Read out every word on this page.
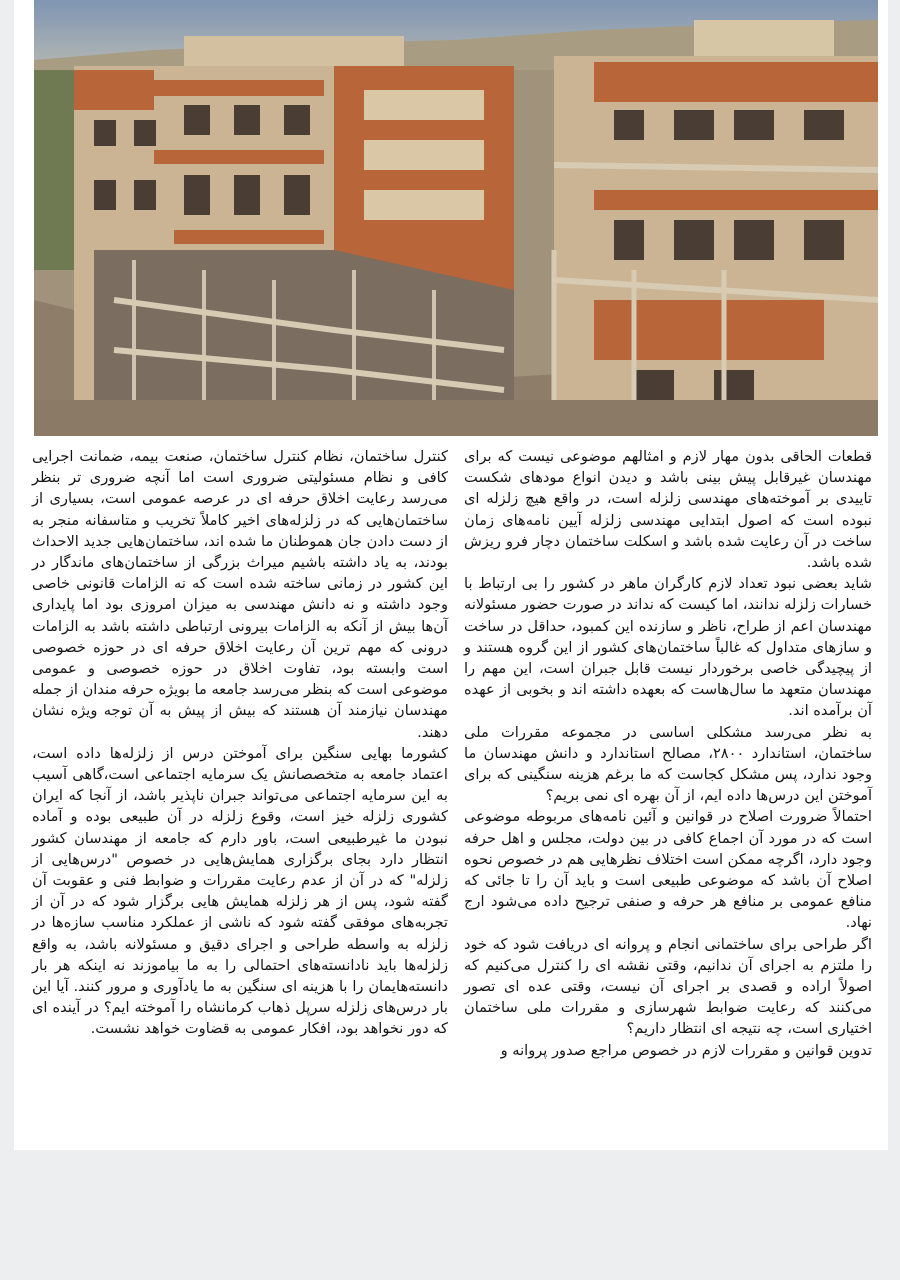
قطعات الحاقی بدون مهار لازم و امثالهم موضوعی نیست که برای مهندسان غیرقابل پیش بینی باشد و دیدن انواع مودهای شکست تاییدی بر آموخته‌های مهندسی زلزله است، در واقع هیچ زلزله ای نبوده است که اصول ابتدایی مهندسی زلزله آیین نامه‌های زمان ساخت در آن رعایت شده باشد و اسکلت ساختمان دچار فرو ریزش شده باشد.

شاید بعضی نبود تعداد لازم کارگران ماهر در کشور را بی ارتباط با خسارات زلزله ندانند، اما کیست که نداند در صورت حضور مسئولانه مهندسان اعم از طراح، ناظر و سازنده این کمبود، حداقل در ساخت و سازهای متداول که غالباً ساختمان‌های کشور از این گروه هستند و از پیچیدگی خاصی برخوردار نیست قابل جبران است، این مهم را مهندسان متعهد ما سال‌هاست که بعهده داشته اند و بخوبی از عهده آن برآمده اند.

به نظر می‌رسد مشکلی اساسی در مجموعه مقررات ملی ساختمان، استاندارد ۲۸۰۰، مصالح استاندارد و دانش مهندسان ما وجود ندارد، پس مشکل کجاست که ما برغم هزینه سنگینی که برای آموختن این درس‌ها داده ایم، از آن بهره ای نمی بریم؟

احتمالاً ضرورت اصلاح در قوانین و آئین نامه‌های مربوطه موضوعی است که در مورد آن اجماع کافی در بین دولت، مجلس و اهل حرفه وجود دارد، اگرچه ممکن است اختلاف نظرهایی هم در خصوص نحوه اصلاح آن باشد که موضوعی طبیعی است و باید آن را تا جائی که منافع عمومی بر منافع هر حرفه و صنفی ترجیح داده می‌شود ارج نهاد.

اگر طراحی برای ساختمانی انجام و پروانه ای دریافت شود که خود را ملتزم به اجرای آن ندانیم، وقتی نقشه ای را کنترل می‌کنیم که اصولاً اراده و قصدی بر اجرای آن نیست، وقتی عده ای تصور می‌کنند که رعایت ضوابط شهرسازی و مقررات ملی ساختمان اختیاری است، چه نتیجه ای انتظار داریم؟

تدوین قوانین و مقررات لازم در خصوص مراجع صدور پروانه و

کنترل ساختمان، نظام کنترل ساختمان، صنعت بیمه، ضمانت اجرایی کافی و نظام مسئولیتی ضروری است اما آنچه ضروری تر بنظر می‌رسد رعایت اخلاق حرفه ای در عرصه عمومی است، بسیاری از ساختمان‌هایی که در زلزله‌های اخیر کاملاً تخریب و متاسفانه منجر به از دست دادن جان هموطنان ما شده اند، ساختمان‌هایی جدید الاحداث بودند، به یاد داشته باشیم میراث بزرگی از ساختمان‌های ماندگار در این کشور در زمانی ساخته شده است که نه الزامات قانونی خاصی وجود داشته و نه دانش مهندسی به میزان امروزی بود اما پایداری آن‌ها بیش از آنکه به الزامات بیرونی ارتباطی داشته باشد به الزامات درونی که مهم ترین آن رعایت اخلاق حرفه ای در حوزه خصوصی است وابسته بود، تفاوت اخلاق در حوزه خصوصی و عمومی موضوعی است که بنظر می‌رسد جامعه ما بویژه حرفه مندان از جمله مهندسان نیازمند آن هستند که بیش از پیش به آن توجه ویژه نشان دهند.

کشورما بهایی سنگین برای آموختن درس از زلزله‌ها داده است، اعتماد جامعه به متخصصانش یک سرمایه اجتماعی است،گاهی آسیب به این سرمایه اجتماعی می‌تواند جبران ناپذیر باشد، از آنجا که ایران کشوری زلزله خیز است، وقوع زلزله در آن طبیعی بوده و آماده نبودن ما غیرطبیعی است، باور دارم که جامعه از مهندسان کشور انتظار دارد بجای برگزاری همایش‌هایی در خصوص "درس‌هایی از زلزله" که در آن از عدم رعایت مقررات و ضوابط فنی و عقوبت آن گفته شود، پس از هر زلزله همایش هایی برگزار شود که در آن از تجربه‌های موفقی گفته شود که ناشی از عملکرد مناسب سازه‌ها در زلزله به واسطه طراحی و اجرای دقیق و مسئولانه باشد، به واقع زلزله‌ها باید نادانسته‌های احتمالی را به ما بیاموزند نه اینکه هر بار دانسته‌هایمان را با هزینه ای سنگین به ما یادآوری و مرور کنند. آیا این بار درس‌های زلزله سرپل ذهاب کرمانشاه را آموخته ایم؟ در آینده ای که دور نخواهد بود، افکار عمومی به قضاوت خواهد نشست.
